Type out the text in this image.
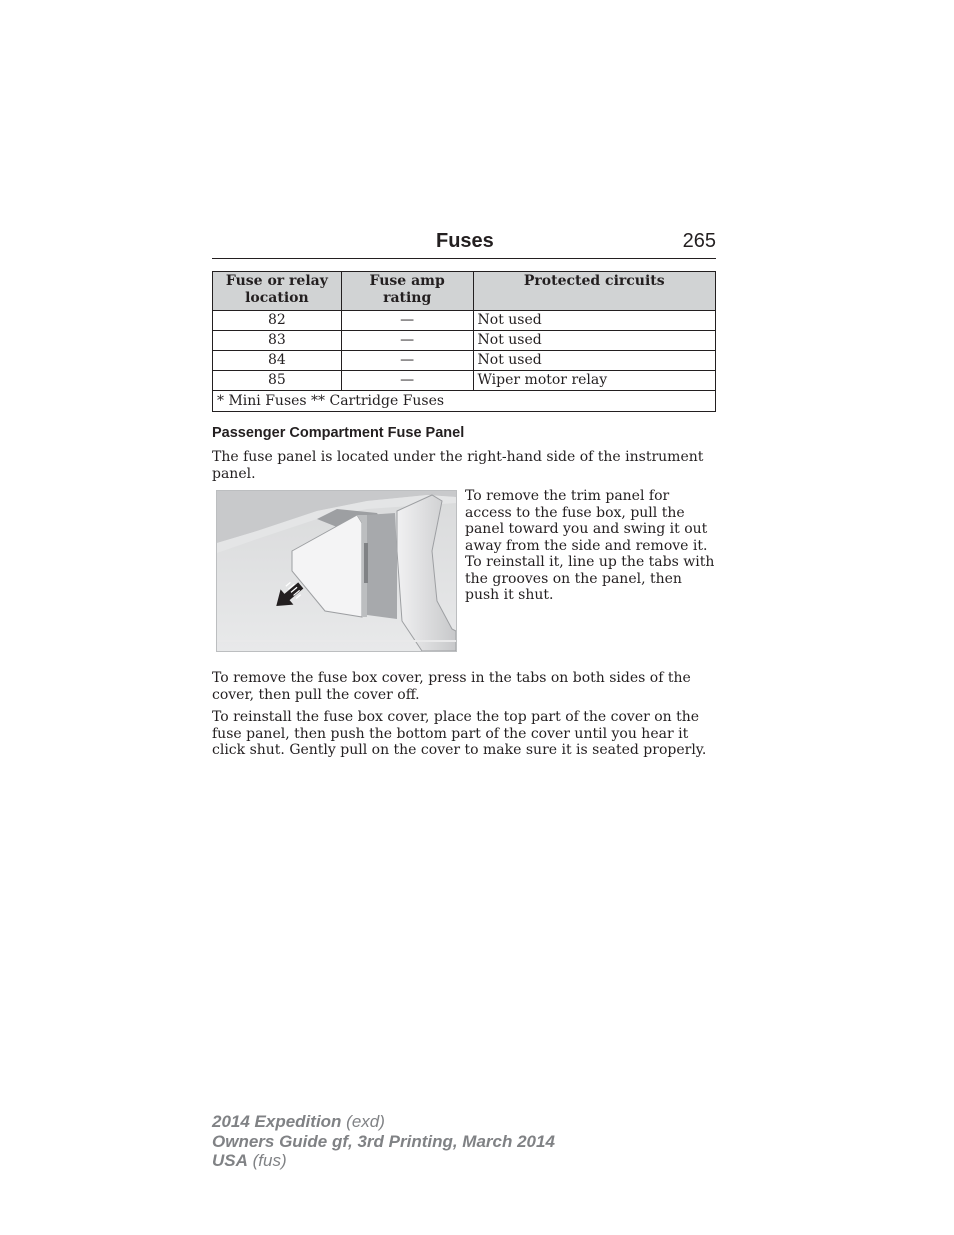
Fuses	265
Fuse or relay location	Fuse amp rating	Protected circuits
82	—	Not used
83	—	Not used
84	—	Not used
85	—	Wiper motor relay
* Mini Fuses ** Cartridge Fuses		
Passenger Compartment Fuse Panel

The fuse panel is located under the right-hand side of the instrument panel.

To remove the trim panel for access to the fuse box, pull the panel toward you and swing it out away from the side and remove it. To reinstall it, line up the tabs with the grooves on the panel, then push it shut.

To remove the fuse box cover, press in the tabs on both sides of the cover, then pull the cover off.

To reinstall the fuse box cover, place the top part of the cover on the fuse panel, then push the bottom part of the cover until you hear it click shut. Gently pull on the cover to make sure it is seated properly.

2014 Expedition (exd)
Owners Guide gf, 3rd Printing, March 2014
USA (fus)
